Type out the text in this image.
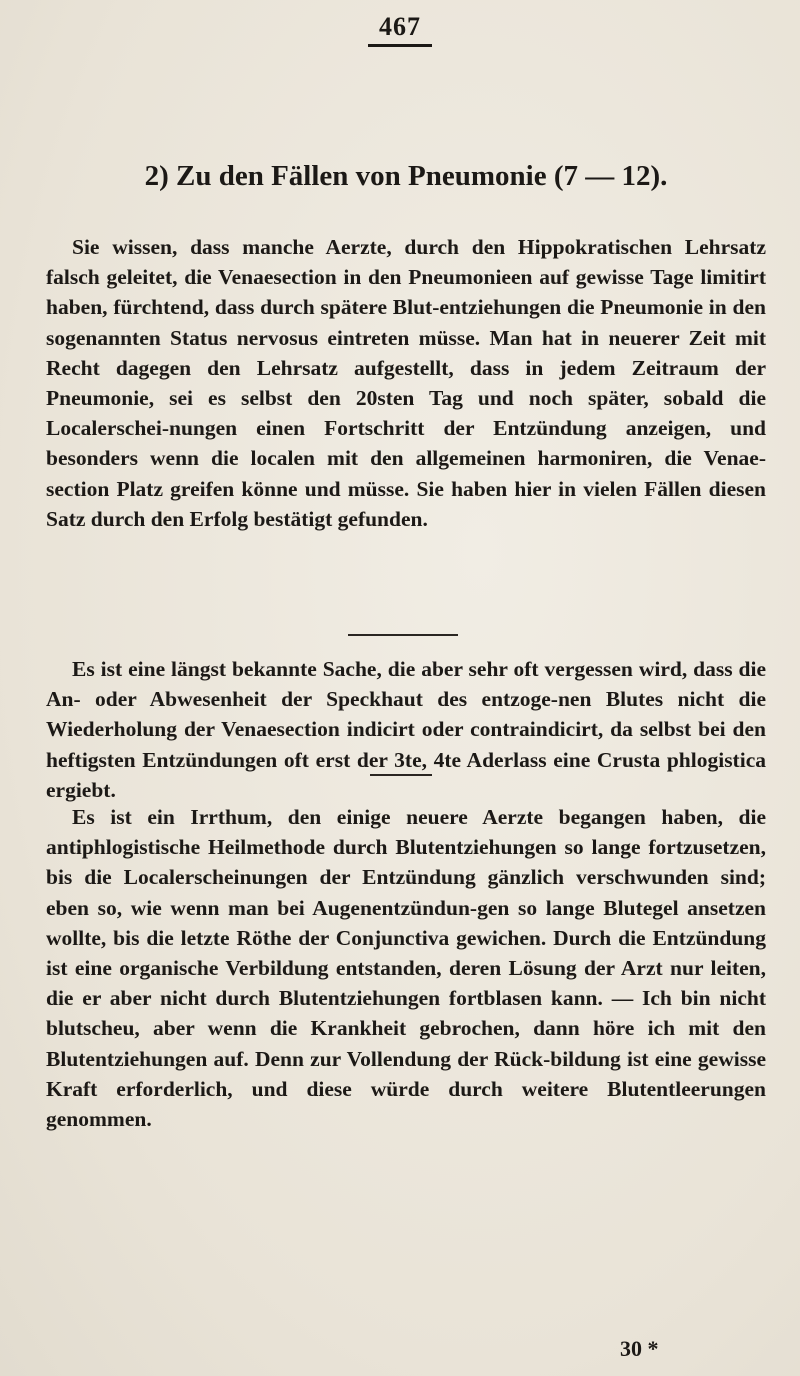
467
2) Zu den Fällen von Pneumonie (7 — 12).

Sie wissen, dass manche Aerzte, durch den Hippokratischen Lehrsatz falsch geleitet, die Venaesection in den Pneumonieen auf gewisse Tage limitirt haben, fürchtend, dass durch spätere Blut-entziehungen die Pneumonie in den sogenannten Status nervosus eintreten müsse. Man hat in neuerer Zeit mit Recht dagegen den Lehrsatz aufgestellt, dass in jedem Zeitraum der Pneumonie, sei es selbst den 20sten Tag und noch später, sobald die Localerschei-nungen einen Fortschritt der Entzündung anzeigen, und besonders wenn die localen mit den allgemeinen harmoniren, die Venae-section Platz greifen könne und müsse. Sie haben hier in vielen Fällen diesen Satz durch den Erfolg bestätigt gefunden.

Es ist eine längst bekannte Sache, die aber sehr oft vergessen wird, dass die An- oder Abwesenheit der Speckhaut des entzoge-nen Blutes nicht die Wiederholung der Venaesection indicirt oder contraindicirt, da selbst bei den heftigsten Entzündungen oft erst der 3te, 4te Aderlass eine Crusta phlogistica ergiebt.

Es ist ein Irrthum, den einige neuere Aerzte begangen haben, die antiphlogistische Heilmethode durch Blutentziehungen so lange fortzusetzen, bis die Localerscheinungen der Entzündung gänzlich verschwunden sind; eben so, wie wenn man bei Augenentzündun-gen so lange Blutegel ansetzen wollte, bis die letzte Röthe der Conjunctiva gewichen. Durch die Entzündung ist eine organische Verbildung entstanden, deren Lösung der Arzt nur leiten, die er aber nicht durch Blutentziehungen fortblasen kann. — Ich bin nicht blutscheu, aber wenn die Krankheit gebrochen, dann höre ich mit den Blutentziehungen auf. Denn zur Vollendung der Rück-bildung ist eine gewisse Kraft erforderlich, und diese würde durch weitere Blutentleerungen genommen.

30 *
